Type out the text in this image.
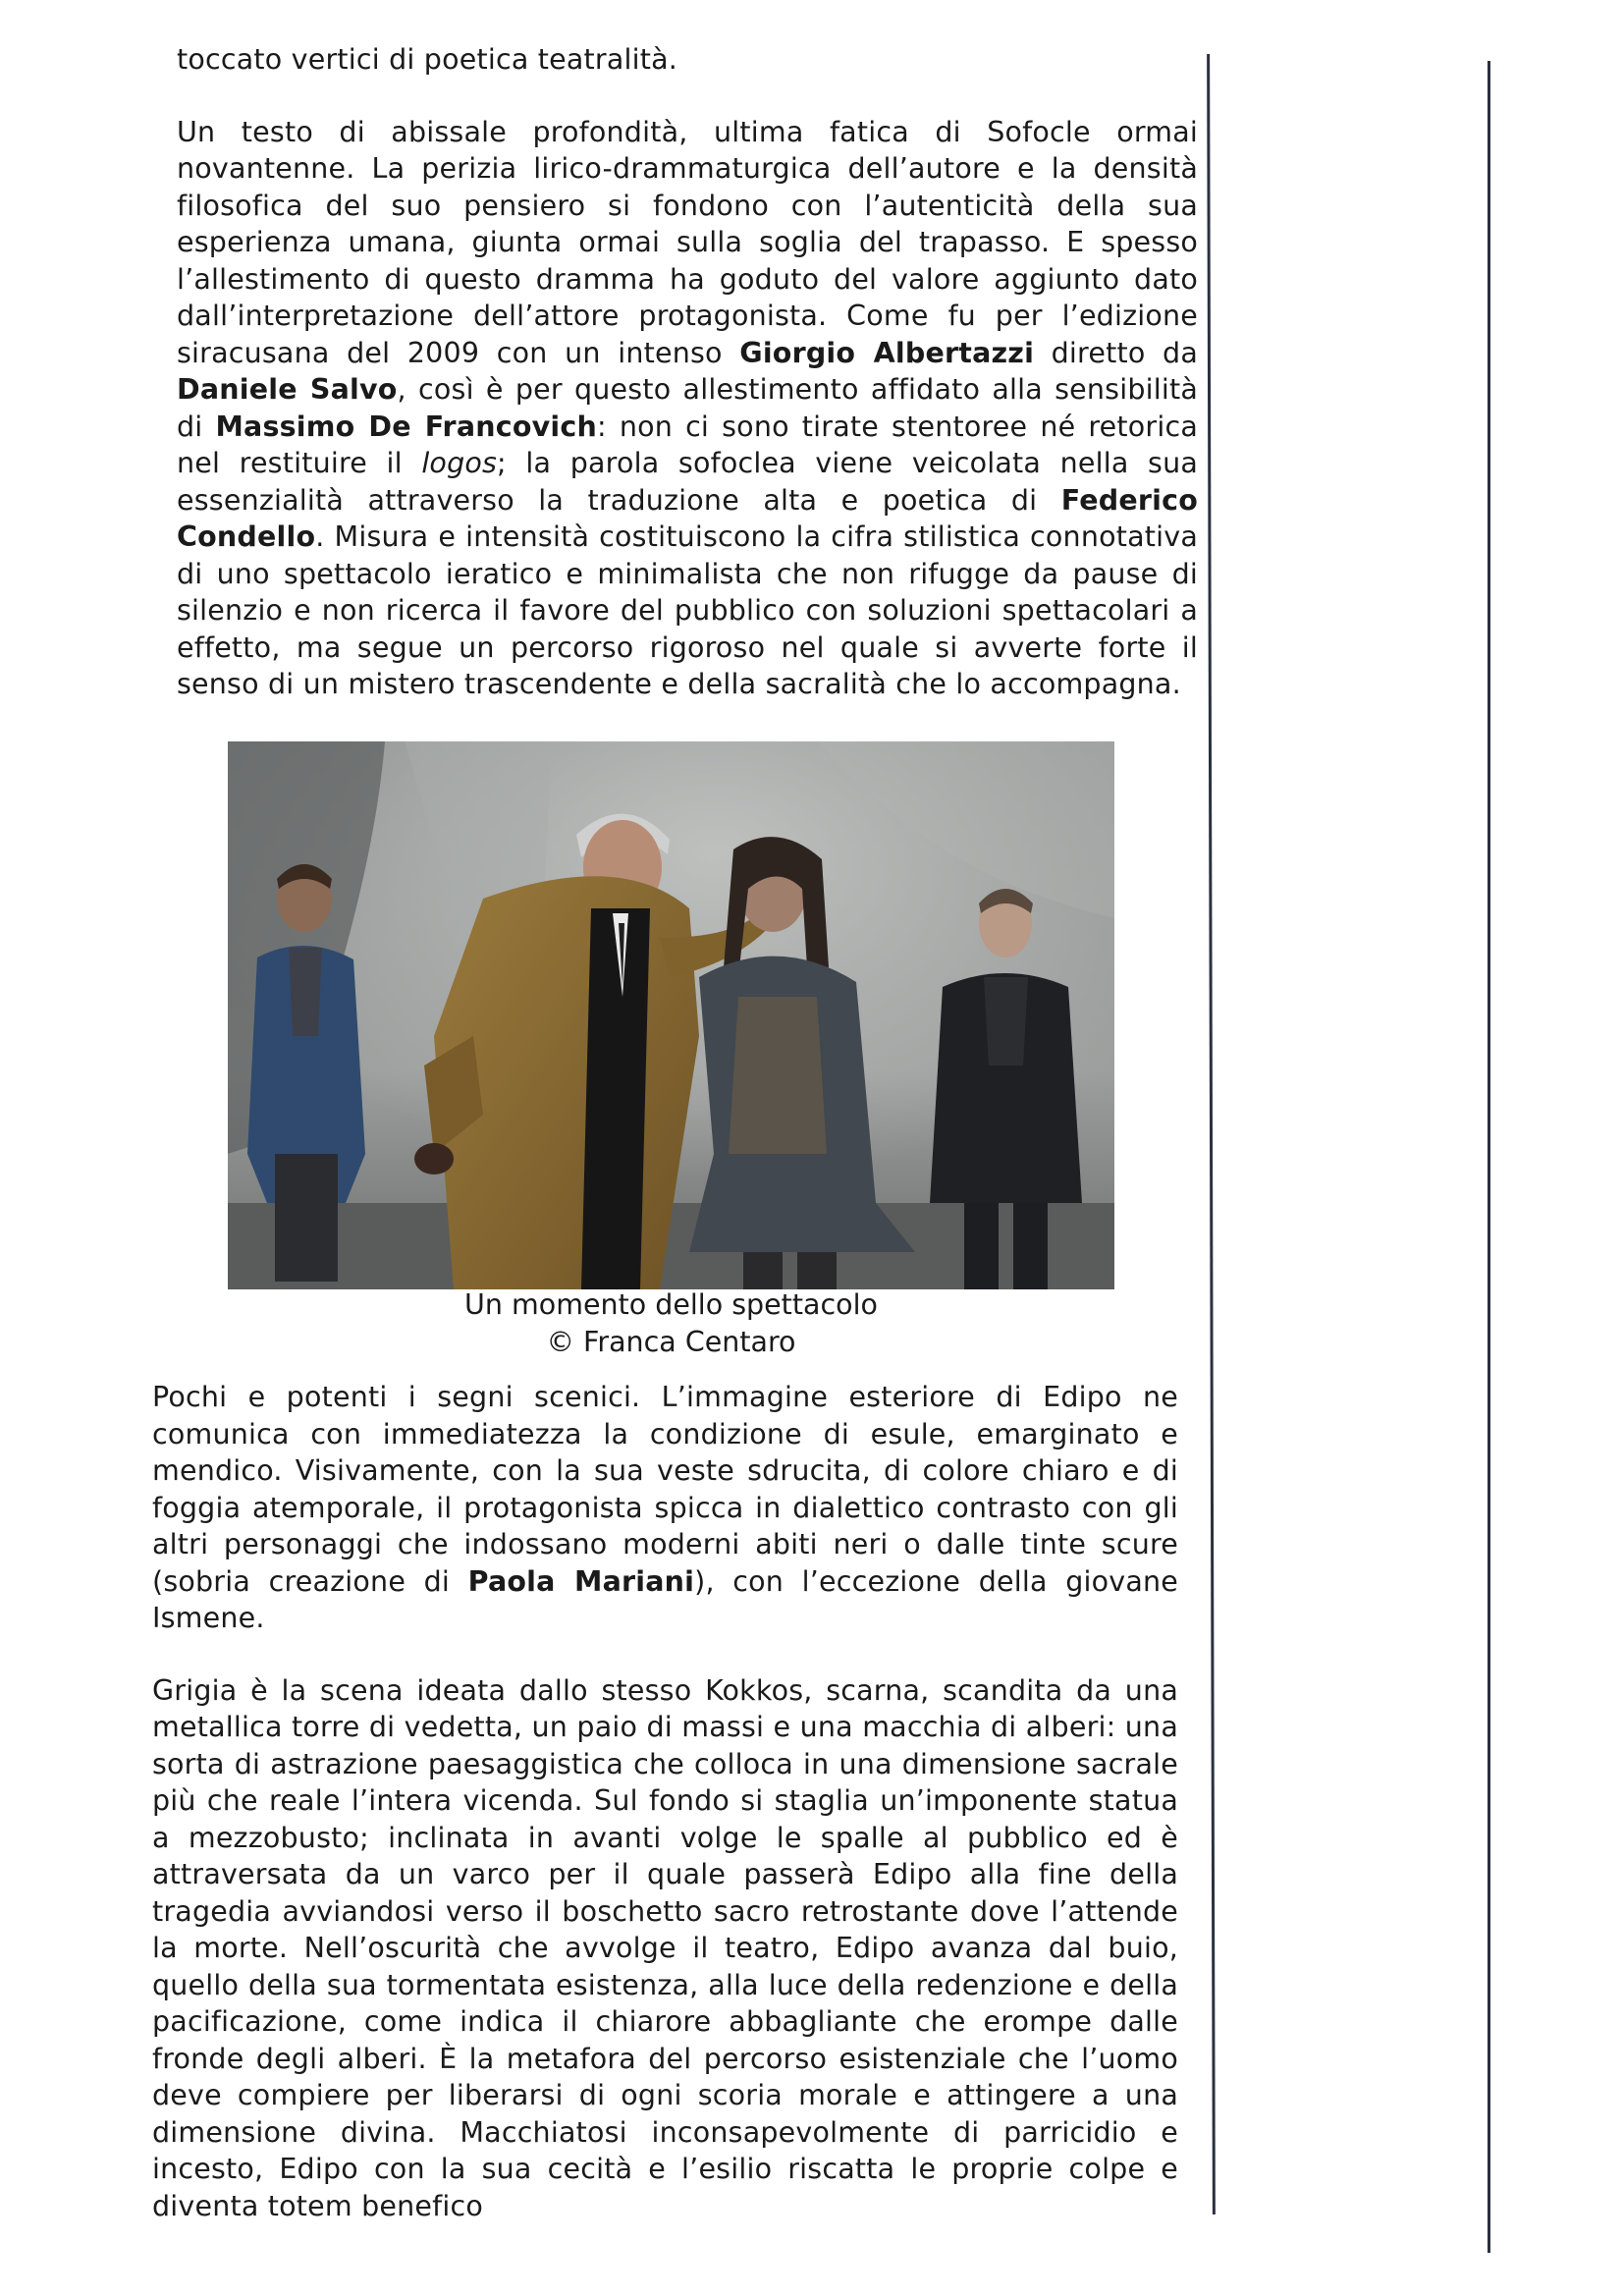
toccato vertici di poetica teatralità.

Un testo di abissale profondità, ultima fatica di Sofocle ormai novantenne. La perizia lirico-drammaturgica dell’autore e la densità filosofica del suo pensiero si fondono con l’autenticità della sua esperienza umana, giunta ormai sulla soglia del trapasso. E spesso l’allestimento di questo dramma ha goduto del valore aggiunto dato dall’interpretazione dell’attore protagonista. Come fu per l’edizione siracusana del 2009 con un intenso Giorgio Albertazzi diretto da Daniele Salvo, così è per questo allestimento affidato alla sensibilità di Massimo De Francovich: non ci sono tirate stentoree né retorica nel restituire il logos; la parola sofoclea viene veicolata nella sua essenzialità attraverso la traduzione alta e poetica di Federico Condello. Misura e intensità costituiscono la cifra stilistica connotativa di uno spettacolo ieratico e minimalista che non rifugge da pause di silenzio e non ricerca il favore del pubblico con soluzioni spettacolari a effetto, ma segue un percorso rigoroso nel quale si avverte forte il senso di un mistero trascendente e della sacralità che lo accompagna.

Un momento dello spettacolo
© Franca Centaro

Pochi e potenti i segni scenici. L’immagine esteriore di Edipo ne comunica con immediatezza la condizione di esule, emarginato e mendico. Visivamente, con la sua veste sdrucita, di colore chiaro e di foggia atemporale, il protagonista spicca in dialettico contrasto con gli altri personaggi che indossano moderni abiti neri o dalle tinte scure (sobria creazione di Paola Mariani), con l’eccezione della giovane Ismene.

Grigia è la scena ideata dallo stesso Kokkos, scarna, scandita da una metallica torre di vedetta, un paio di massi e una macchia di alberi: una sorta di astrazione paesaggistica che colloca in una dimensione sacrale più che reale l’intera vicenda. Sul fondo si staglia un’imponente statua a mezzobusto; inclinata in avanti volge le spalle al pubblico ed è attraversata da un varco per il quale passerà Edipo alla fine della tragedia avviandosi verso il boschetto sacro retrostante dove l’attende la morte. Nell’oscurità che avvolge il teatro, Edipo avanza dal buio, quello della sua tormentata esistenza, alla luce della redenzione e della pacificazione, come indica il chiarore abbagliante che erompe dalle fronde degli alberi. È la metafora del percorso esistenziale che l’uomo deve compiere per liberarsi di ogni scoria morale e attingere a una dimensione divina. Macchiatosi inconsapevolmente di parricidio e incesto, Edipo con la sua cecità e l’esilio riscatta le proprie colpe e diventa totem benefico
